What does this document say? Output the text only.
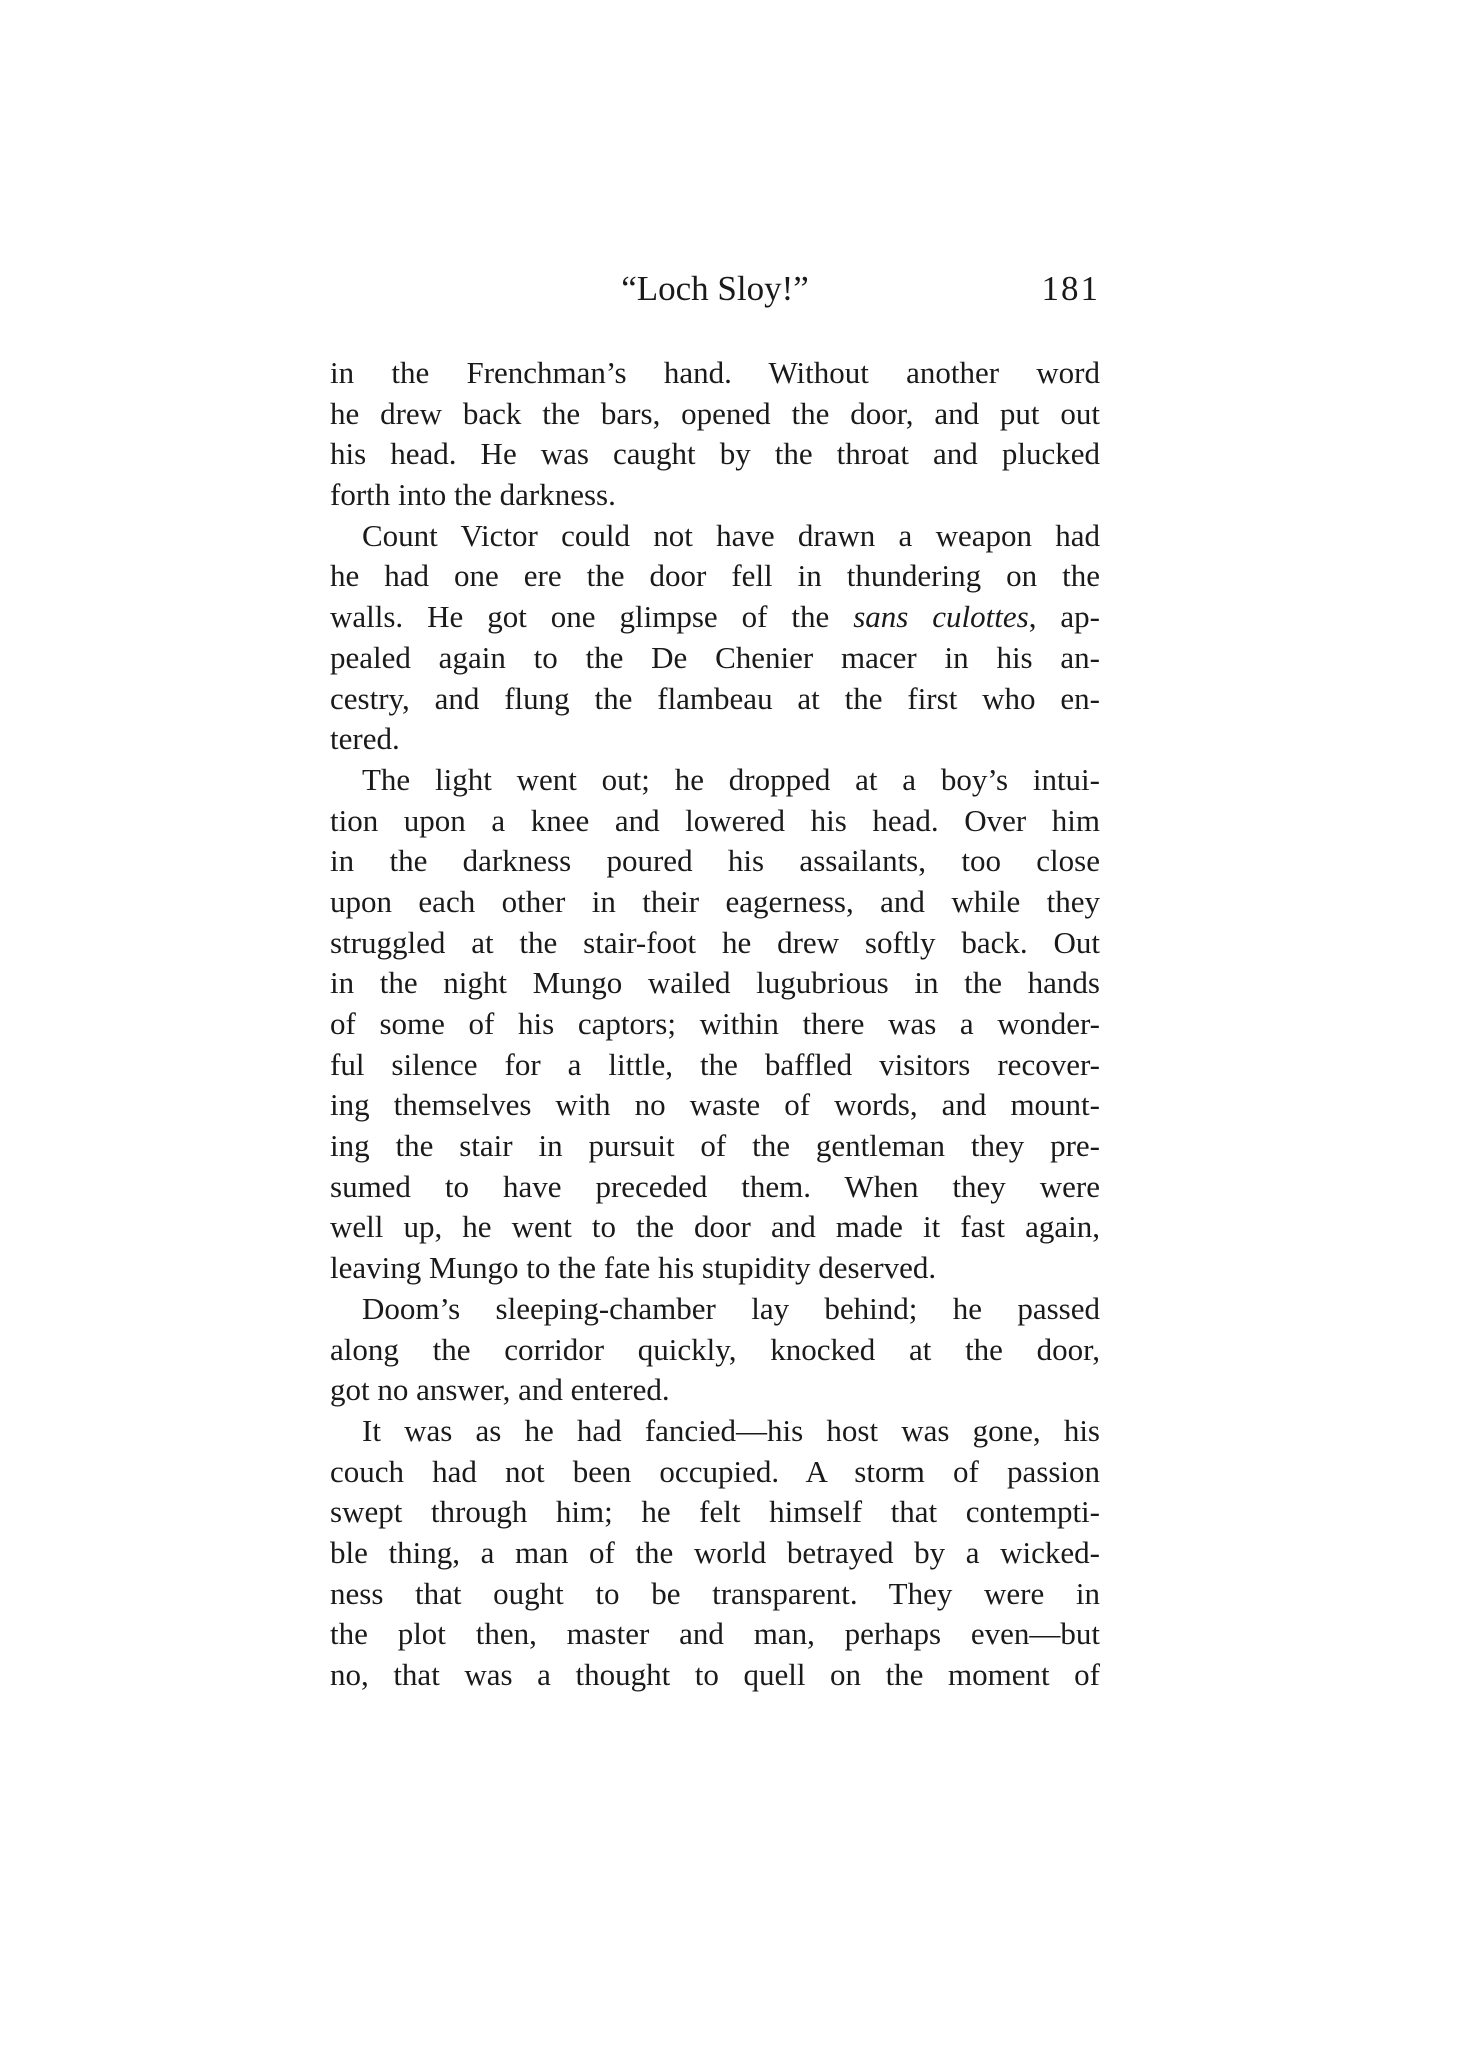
“Loch Sloy!”	181
in the Frenchman’s hand. Without another word
he drew back the bars, opened the door, and put out
his head. He was caught by the throat and plucked
forth into the darkness.
Count Victor could not have drawn a weapon had
he had one ere the door fell in thundering on the
walls. He got one glimpse of the sans culottes, ap-
pealed again to the De Chenier macer in his an-
cestry, and flung the flambeau at the first who en-
tered.
The light went out; he dropped at a boy’s intui-
tion upon a knee and lowered his head. Over him
in the darkness poured his assailants, too close
upon each other in their eagerness, and while they
struggled at the stair-foot he drew softly back. Out
in the night Mungo wailed lugubrious in the hands
of some of his captors; within there was a wonder-
ful silence for a little, the baffled visitors recover-
ing themselves with no waste of words, and mount-
ing the stair in pursuit of the gentleman they pre-
sumed to have preceded them. When they were
well up, he went to the door and made it fast again,
leaving Mungo to the fate his stupidity deserved.
Doom’s sleeping-chamber lay behind; he passed
along the corridor quickly, knocked at the door,
got no answer, and entered.
It was as he had fancied—his host was gone, his
couch had not been occupied. A storm of passion
swept through him; he felt himself that contempti-
ble thing, a man of the world betrayed by a wicked-
ness that ought to be transparent. They were in
the plot then, master and man, perhaps even—but
no, that was a thought to quell on the moment of
